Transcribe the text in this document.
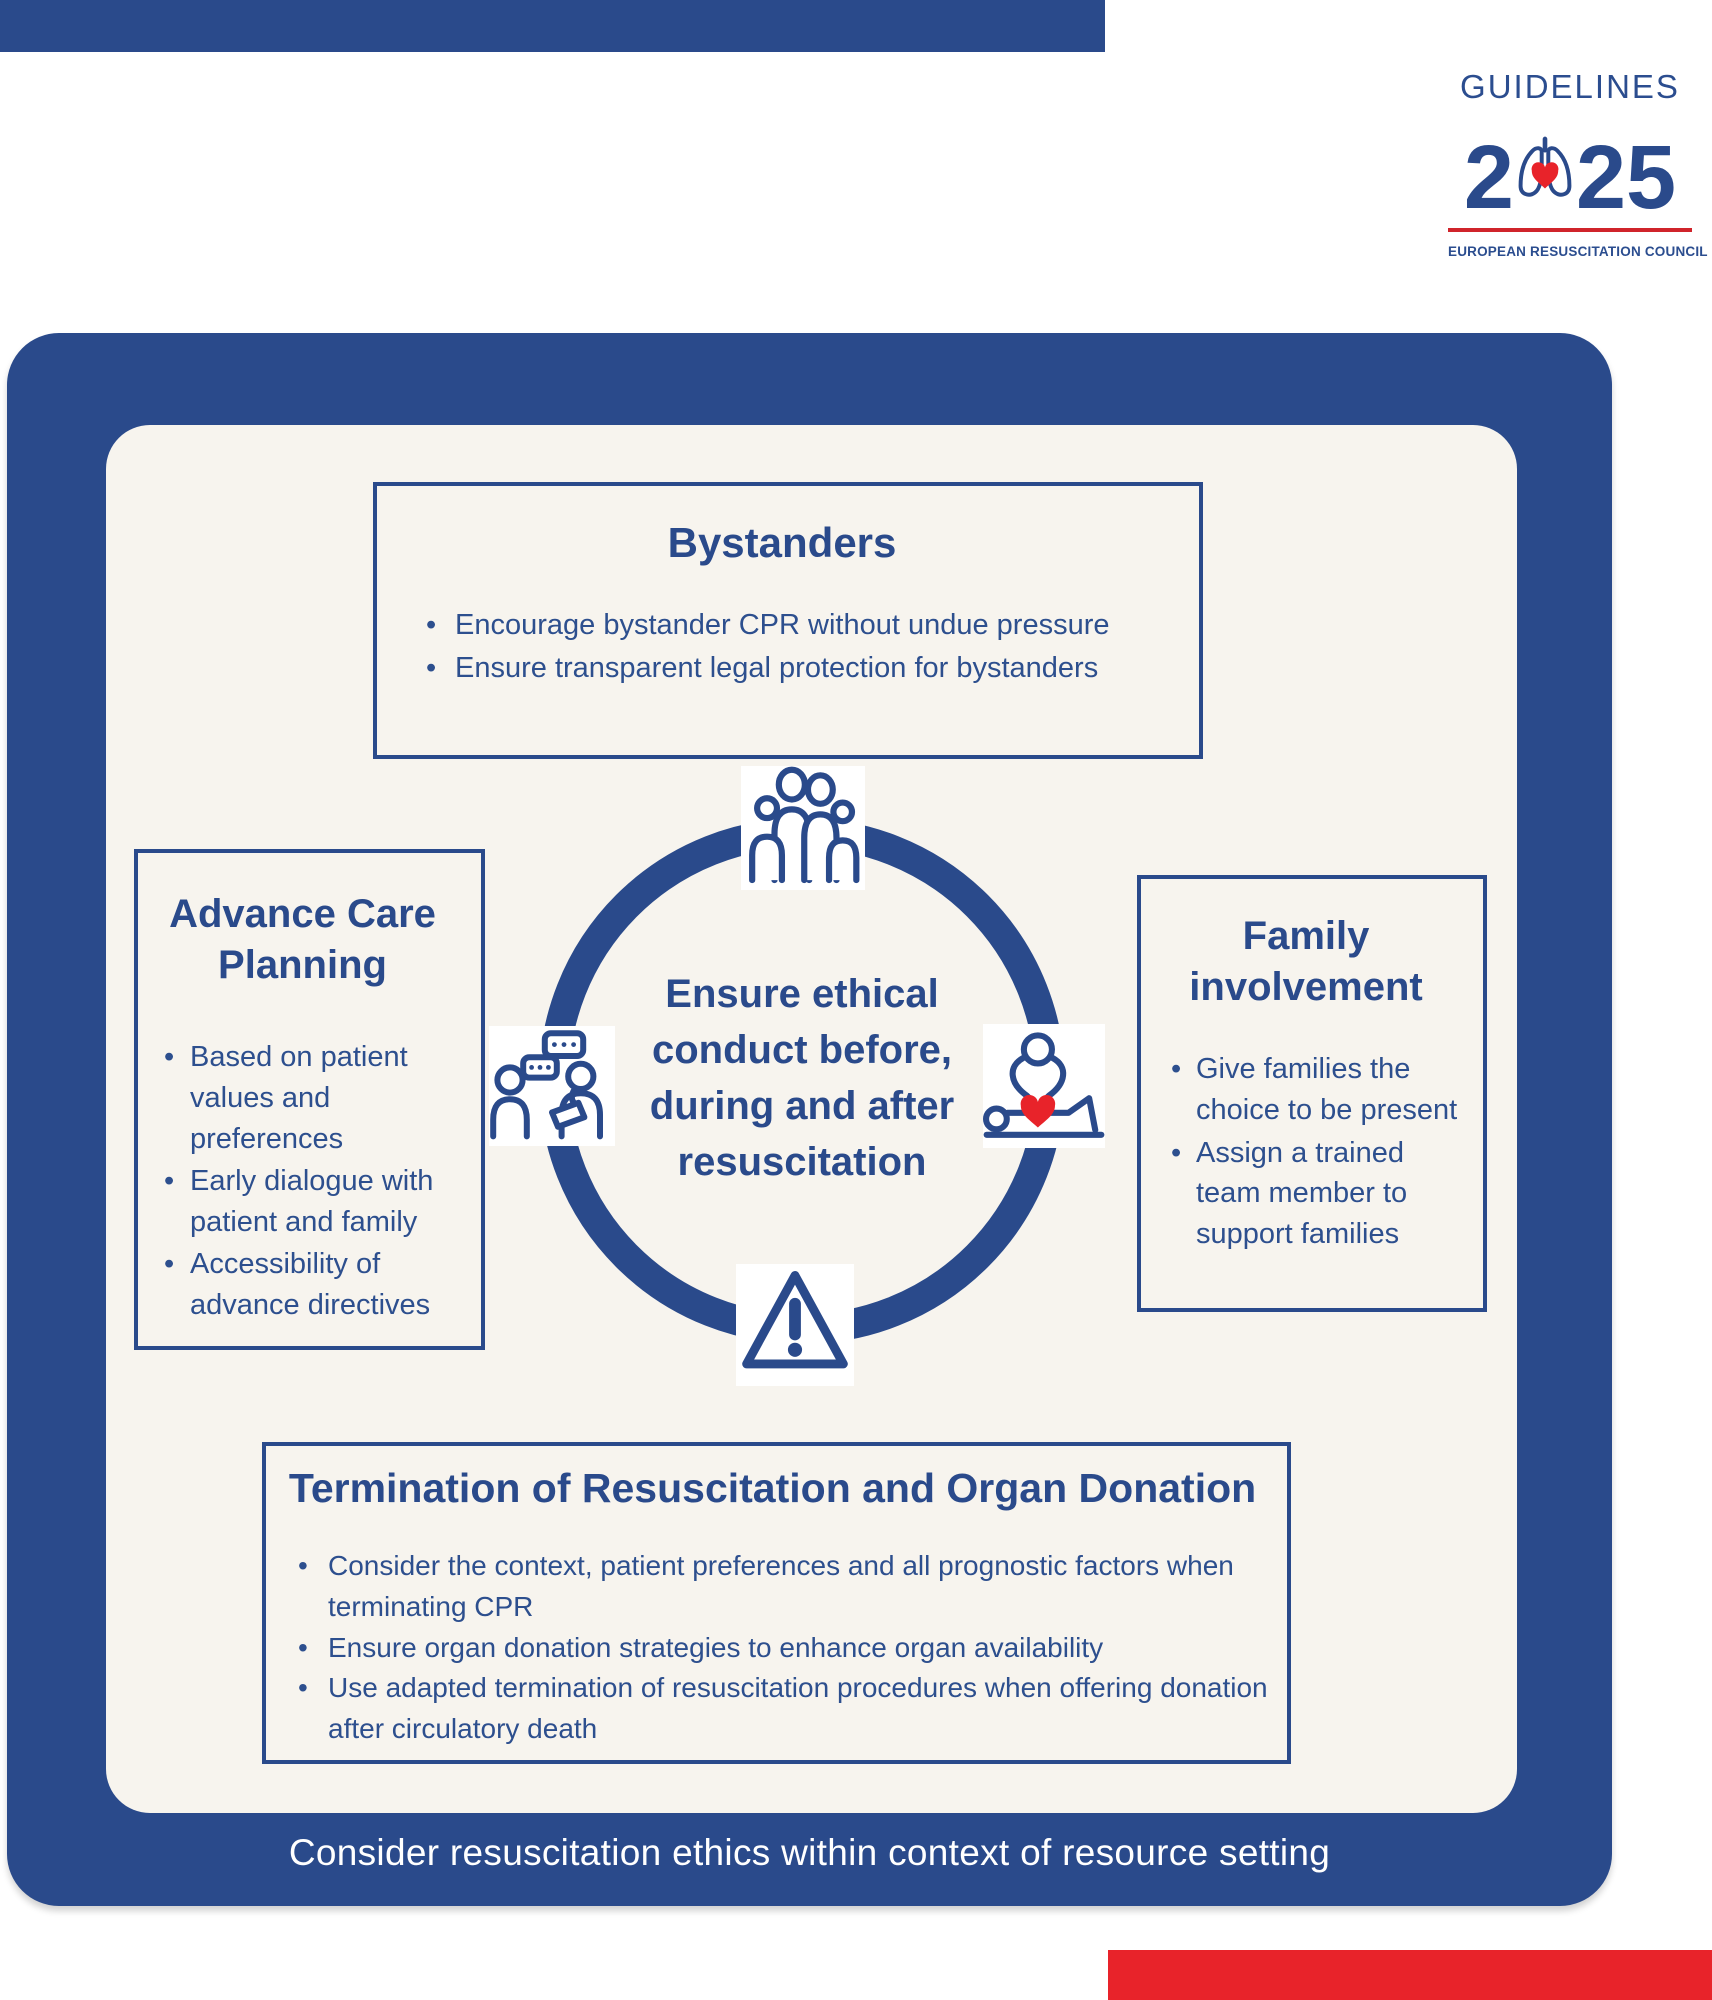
GUIDELINES
2 25
EUROPEAN RESUSCITATION COUNCIL
Ensure ethical
conduct before,
during and after
resuscitation
Bystanders
• Encourage bystander CPR without undue pressure
• Ensure transparent legal protection for bystanders
Advance Care Planning
• Based on patient values and preferences
• Early dialogue with patient and family
• Accessibility of advance directives
Family involvement
• Give families the choice to be present
• Assign a trained team member to support families
Termination of Resuscitation and Organ Donation
• Consider the context, patient preferences and all prognostic factors when terminating CPR
• Ensure organ donation strategies to enhance organ availability
• Use adapted termination of resuscitation procedures when offering donation after circulatory death
Consider resuscitation ethics within context of resource setting
